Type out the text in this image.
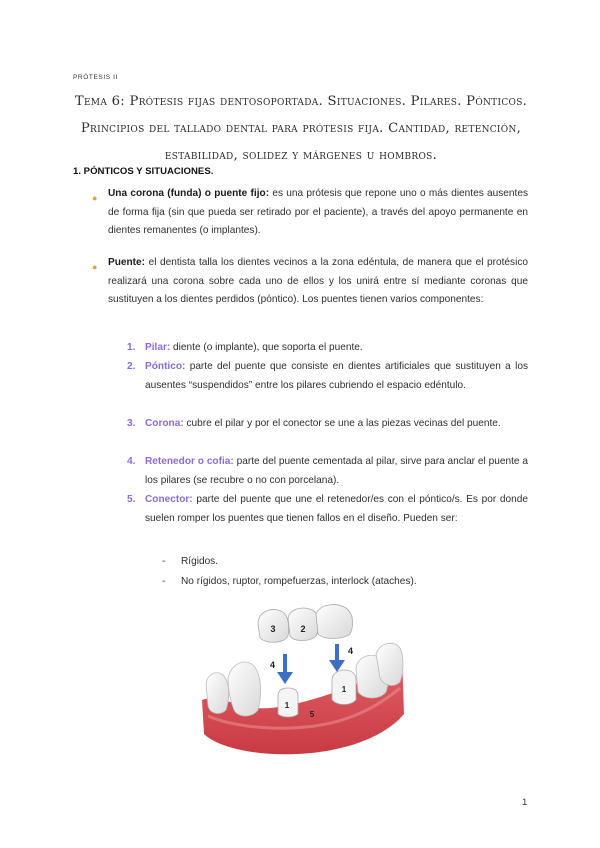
PRÓTESIS II
Tema 6: Prótesis fijas dentosoportada. Situaciones. Pilares. Pónticos. Principios del tallado dental para prótesis fija. Cantidad, retención, estabilidad, solidez y márgenes u hombros.
1. PÓNTICOS Y SITUACIONES.
● Una corona (funda) o puente fijo: es una prótesis que repone uno o más dientes ausentes de forma fija (sin que pueda ser retirado por el paciente), a través del apoyo permanente en dientes remanentes (o implantes).
● Puente: el dentista talla los dientes vecinos a la zona edéntula, de manera que el protésico realizará una corona sobre cada uno de ellos y los unirá entre sí mediante coronas que sustituyen a los dientes perdidos (póntico). Los puentes tienen varios componentes:
1. Pilar: diente (o implante), que soporta el puente.
2. Póntico: parte del puente que consiste en dientes artificiales que sustituyen a los ausentes “suspendidos” entre los pilares cubriendo el espacio edéntulo.
3. Corona: cubre el pilar y por el conector se une a las piezas vecinas del puente.
4. Retenedor o cofia: parte del puente cementada al pilar, sirve para anclar el puente a los pilares (se recubre o no con porcelana).
5. Conector: parte del puente que une el retenedor/es con el póntico/s. Es por donde suelen romper los puentes que tienen fallos en el diseño. Pueden ser:
- Rígidos.
- No rígidos, ruptor, rompefuerzas, interlock (ataches).
1
5
1
3	2
4
4
1
